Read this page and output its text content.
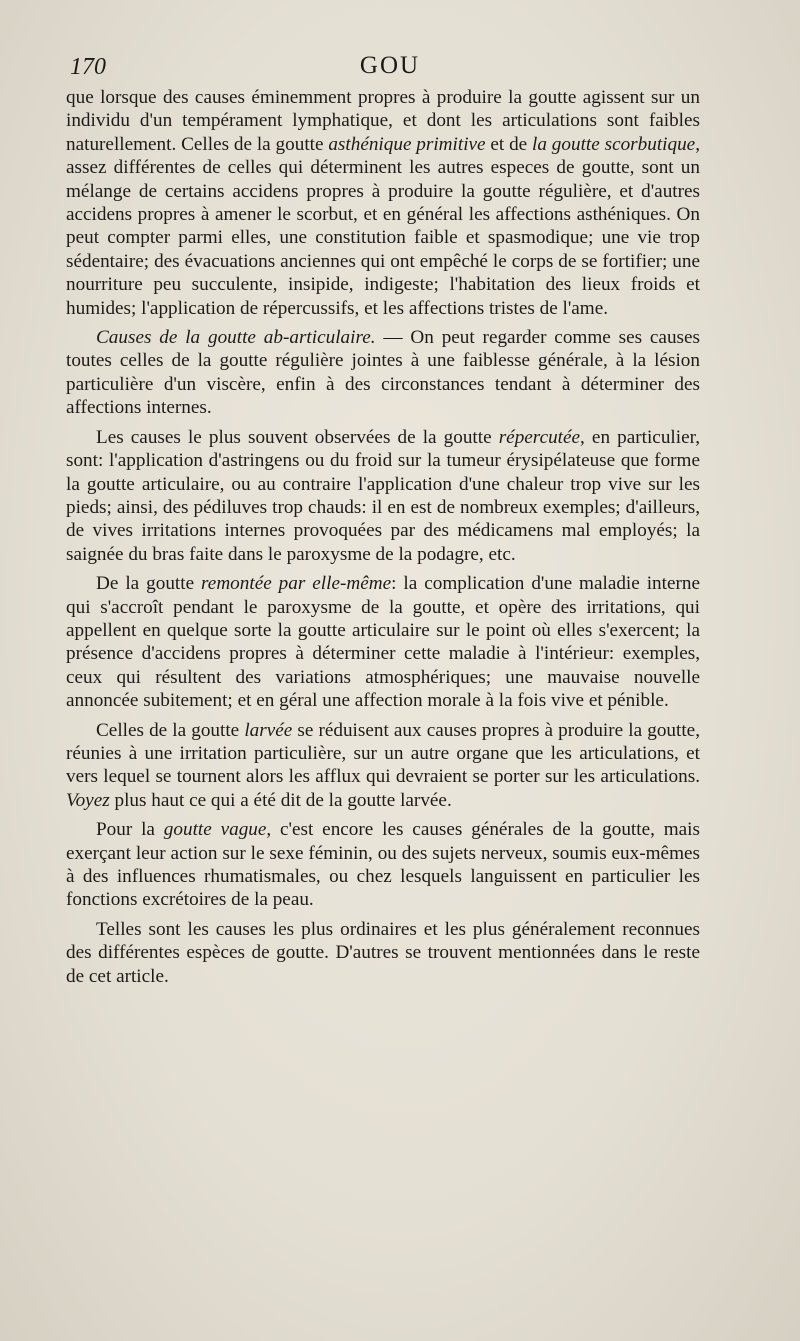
170	GOU

que lorsque des causes éminemment propres à produire la goutte agissent sur un individu d'un tempérament lymphatique, et dont les articulations sont faibles naturellement. Celles de la goutte asthénique primitive et de la goutte scorbutique, assez différentes de celles qui déterminent les autres especes de goutte, sont un mélange de certains accidens propres à produire la goutte régulière, et d'autres accidens propres à amener le scorbut, et en général les affections asthéniques. On peut compter parmi elles, une constitution faible et spasmodique; une vie trop sédentaire; des évacuations anciennes qui ont empêché le corps de se fortifier; une nourriture peu succulente, insipide, indigeste; l'habitation des lieux froids et humides; l'application de répercussifs, et les affections tristes de l'ame.

Causes de la goutte ab-articulaire. — On peut regarder comme ses causes toutes celles de la goutte régulière jointes à une faiblesse générale, à la lésion particulière d'un viscère, enfin à des circonstances tendant à déterminer des affections internes.

Les causes le plus souvent observées de la goutte répercutée, en particulier, sont: l'application d'astringens ou du froid sur la tumeur érysipélateuse que forme la goutte articulaire, ou au contraire l'application d'une chaleur trop vive sur les pieds; ainsi, des pédiluves trop chauds: il en est de nombreux exemples; d'ailleurs, de vives irritations internes provoquées par des médicamens mal employés; la saignée du bras faite dans le paroxysme de la podagre, etc.

De la goutte remontée par elle-même: la complication d'une maladie interne qui s'accroît pendant le paroxysme de la goutte, et opère des irritations, qui appellent en quelque sorte la goutte articulaire sur le point où elles s'exercent; la présence d'accidens propres à déterminer cette maladie à l'intérieur: exemples, ceux qui résultent des variations atmosphériques; une mauvaise nouvelle annoncée subitement; et en géral une affection morale à la fois vive et pénible.

Celles de la goutte larvée se réduisent aux causes propres à produire la goutte, réunies à une irritation particulière, sur un autre organe que les articulations, et vers lequel se tournent alors les afflux qui devraient se porter sur les articulations. Voyez plus haut ce qui a été dit de la goutte larvée.

Pour la goutte vague, c'est encore les causes générales de la goutte, mais exerçant leur action sur le sexe féminin, ou des sujets nerveux, soumis eux-mêmes à des influences rhumatismales, ou chez lesquels languissent en particulier les fonctions excrétoires de la peau.

Telles sont les causes les plus ordinaires et les plus généralement reconnues des différentes espèces de goutte. D'autres se trouvent mentionnées dans le reste de cet article.
